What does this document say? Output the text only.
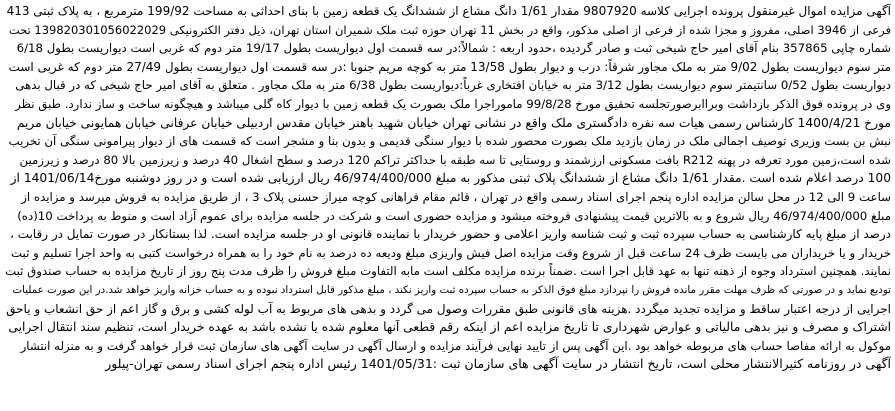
آگهی مزایده اموال غیرمنقول پرونده اجرایی کلاسه 9807920 مقدار 1/61 دانگ مشاع از ششدانگ یک قطعه زمین با بنای احداثی به مساحت 199/92 مترمربع ، به پلاک ثبتی 413
فرعی از 3946 اصلی، مفروز و مجزا شده از فرعی از اصلی مذکور، واقع در بخش 11 تهران حوزه ثبت ملک شمیران استان تهران، ذیل دفتر الکترونیکی 13982030105602​2029 تحت
شماره چاپی 357865 بنام آقای امیر حاج شیخی ثبت و صادر گردیده ،حدود اربعه : شمالاً:در سه قسمت اول دیواریست بطول 19/17 متر دوم که غربی است دیواریست بطول 6/18
متر سوم دیواریست بطول 9/02 متر به ملک مجاور شرقاً: درب و دیوار بطول 13/58 متر به کوچه مریم جنوبا :در سه قسمت اول دیواریست بطول 27/49 متر دوم که غربی است
دیواریست بطول 0/52 سانتیمتر سوم دیواریست بطول 3/12 متر به خیابان افتخاری غرباً:دیواریست بطول 6/38 متر به ملک مجاور . متعلق به آقای امیر حاج شیخی که در قبال بدهی
وی در پرونده فوق الذکر بازداشت وبراابرصورتجلسه تحقیق مورخ 99/8/28 ماموراجرا ملک بصورت یک قطعه زمین با دیوار کاه گلی میباشد و هیچگونه ساخت و ساز ندارد. طبق نظر
مورخ 1400/4/21 کارشناس رسمی هیات سه نفره دادگستری ملک واقع در نشانی تهران خیابان شهید باهنر خیابان مقدس اردبیلی خیابان عرفانی خیابان همایونی خیابان مریم
نبش بن بست وزیری توصیف اجمالی ملک در زمان بازدید ملک بصورت محصور شده با دیوار سنگی قدیمی و بدون بنا و مشجر است که قسمت های از دیوار پیرامونی سنگی آن تخریب
شده است،زمین مورد تعرفه در پهنه R212 بافت مسکونی ارزشمند و روستایی تا سه طبقه با حداکثر تراکم 120 درصد و سطح اشغال 40 درصد و زیرزمین بالا 80 درصد و زیرزمین
100 درصد اعلام شده است .مقدار 1/61 دانگ مشاع از ششدانگ پلاک ثبتی مذکور به مبلغ 46/974/400/000 ریال ارزیابی شده است و در روز دوشنبه مورخ1401/06/14 از
ساعت 9 الی 12 در محل سالن مزایده اداره پنجم اجرای اسناد رسمی واقع در تهران ، قائم مقام فراهانی کوچه میراز حسنی پلاک 3 ، از طریق مزایده به فروش میرسد و مزایده از
مبلغ 46/974/400/000 ریال شروع و به بالاترین قیمت پیشنهادی فروخته میشود و مزایده حضوری است و شرکت در جلسه مزایده برای عموم آزاد است و منوط به پرداخت 10(ده)
درصد از مبلغ پایه کارشناسی به حساب سپرده ثبت و ثبت شناسه واریز اعلامی و حضور خریدار با نماینده قانونی او در جلسه مزایده است. لذا بستانکار در صورت تمایل در رقابت ،
خریدار و یا خریداران می بایست ظرف 24 ساعت قبل از شروع وقت مزایده اصل فیش واریزی مبلغ ودیعه ده درصد به نام خود را به همراه درخواست کتبی به واحد اجرا تسلیم و ثبت
نمایند. همچنین استرداد وجوه از ذهنه تنها به عهد قابل اجرا است .ضمناً برنده مزایده مکلف است مابه التفاوت مبلغ فروش را ظرف مدت پنج روز از تاریخ مزایده به حساب صندوق ثبت
تودیع نماید و در صورتی که ظرف مهلت مقرر مانده فروش را نپردازد مبلغ فوق الذکر به حساب سپرده ثبت واریز نکند ، مبلغ مذکور قابل استرداد نبوده و به حساب خزانه واریز خواهد شد.در این صورت عملیات
اجرایی از درجه اعتبار ساقط و مزایده تجدید میگردد .هزینه های قانونی طبق مقررات وصول می گردد و بدهی های مربوط به آب لوله کشی و برق و گاز اعم از حق انشعاب و یاحق
اشتراک و مصرف و نیز بدهی مالیاتی و عوارض شهرداری تا تاریخ مزایده اعم از اینکه رقم قطعی آنها معلوم شده یا نشده باشد به عهده خریدار است، تنظیم سند انتقال اجرایی
موکول به ارائه مفاصا حساب های مربوطه خواهد بود .این آگهی پس از تایید نهایی فرآیند مزایده و ارسال آگهی در سایت آگهی های سازمان ثبت قرار خواهد گرفت و به منزله انتشار
آگهی در روزنامه کثیرالانتشار محلی است، تاریخ انتشار در سایت آگهی های سازمان ثبت :1401/05/31 رئیس اداره پنجم اجرای اسناد رسمی تهران-پیلور
